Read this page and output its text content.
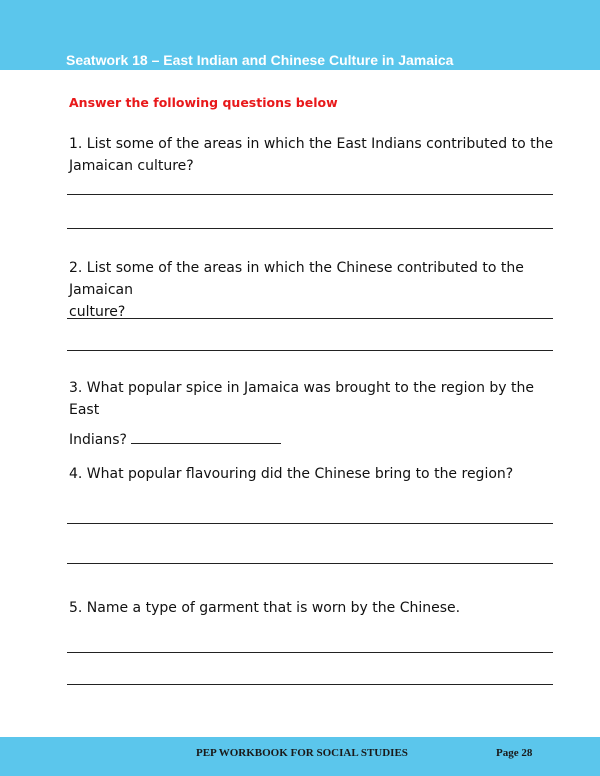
Seatwork 18 – East Indian and Chinese Culture in Jamaica
Answer the following questions below
1. List some of the areas in which the East Indians contributed to the
Jamaican culture?
2. List some of the areas in which the Chinese contributed to the Jamaican
culture?
3. What popular spice in Jamaica was brought to the region by the East
Indians?
4. What popular flavouring did the Chinese bring to the region?
5. Name a type of garment that is worn by the Chinese.
PEP WORKBOOK FOR SOCIAL STUDIES	Page 28
